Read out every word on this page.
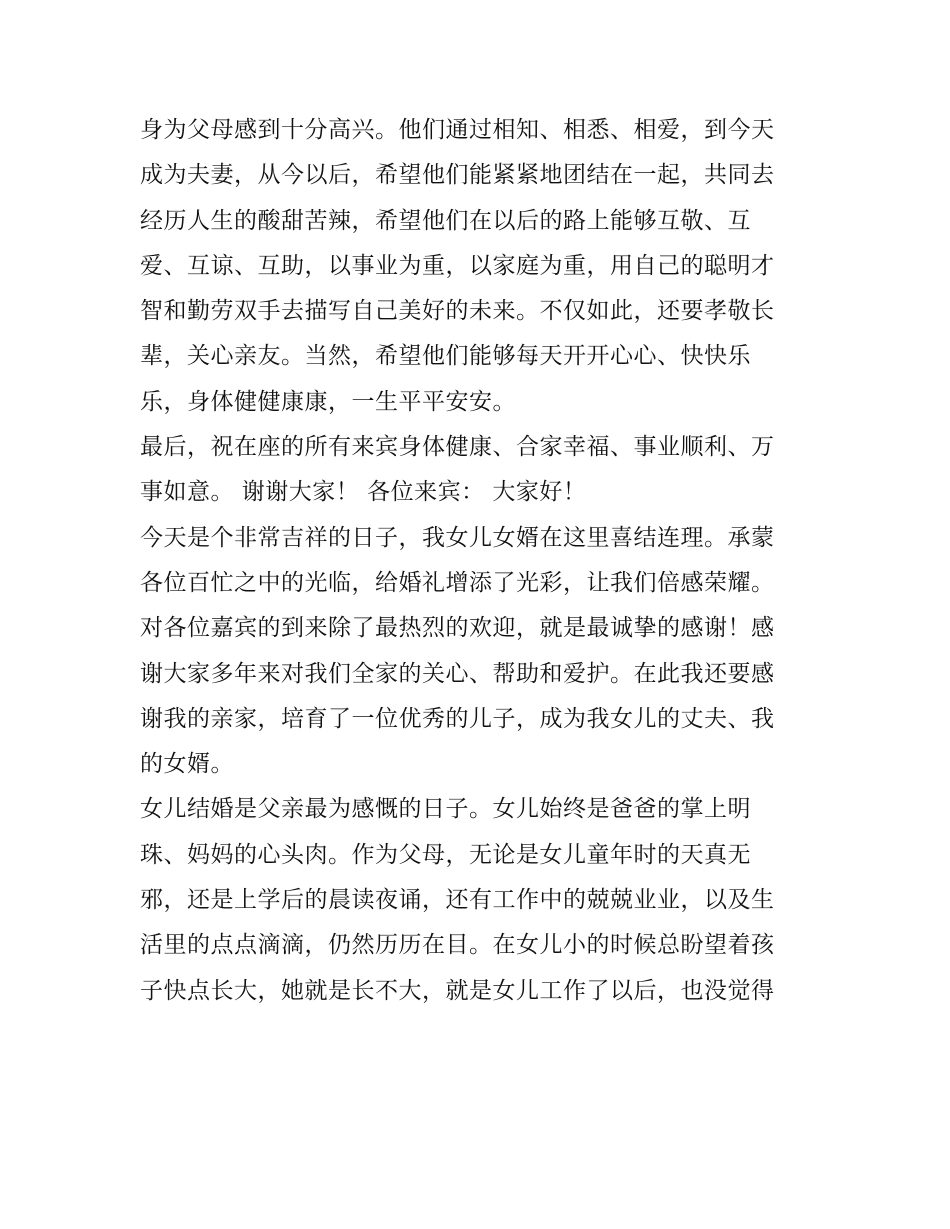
身为父母感到十分高兴。他们通过相知、相悉、相爱，到今天
成为夫妻，从今以后，希望他们能紧紧地团结在一起，共同去
经历人生的酸甜苦辣，希望他们在以后的路上能够互敬、互
爱、互谅、互助，以事业为重，以家庭为重，用自己的聪明才
智和勤劳双手去描写自己美好的未来。不仅如此，还要孝敬长
辈，关心亲友。当然，希望他们能够每天开开心心、快快乐
乐，身体健健康康，一生平平安安。
最后，祝在座的所有来宾身体健康、合家幸福、事业顺利、万
事如意。 谢谢大家！ 各位来宾： 大家好！
今天是个非常吉祥的日子，我女儿女婿在这里喜结连理。承蒙
各位百忙之中的光临，给婚礼增添了光彩，让我们倍感荣耀。
对各位嘉宾的到来除了最热烈的欢迎，就是最诚挚的感谢！感
谢大家多年来对我们全家的关心、帮助和爱护。在此我还要感
谢我的亲家，培育了一位优秀的儿子，成为我女儿的丈夫、我
的女婿。
女儿结婚是父亲最为感慨的日子。女儿始终是爸爸的掌上明
珠、妈妈的心头肉。作为父母，无论是女儿童年时的天真无
邪，还是上学后的晨读夜诵，还有工作中的兢兢业业，以及生
活里的点点滴滴，仍然历历在目。在女儿小的时候总盼望着孩
子快点长大，她就是长不大，就是女儿工作了以后，也没觉得
